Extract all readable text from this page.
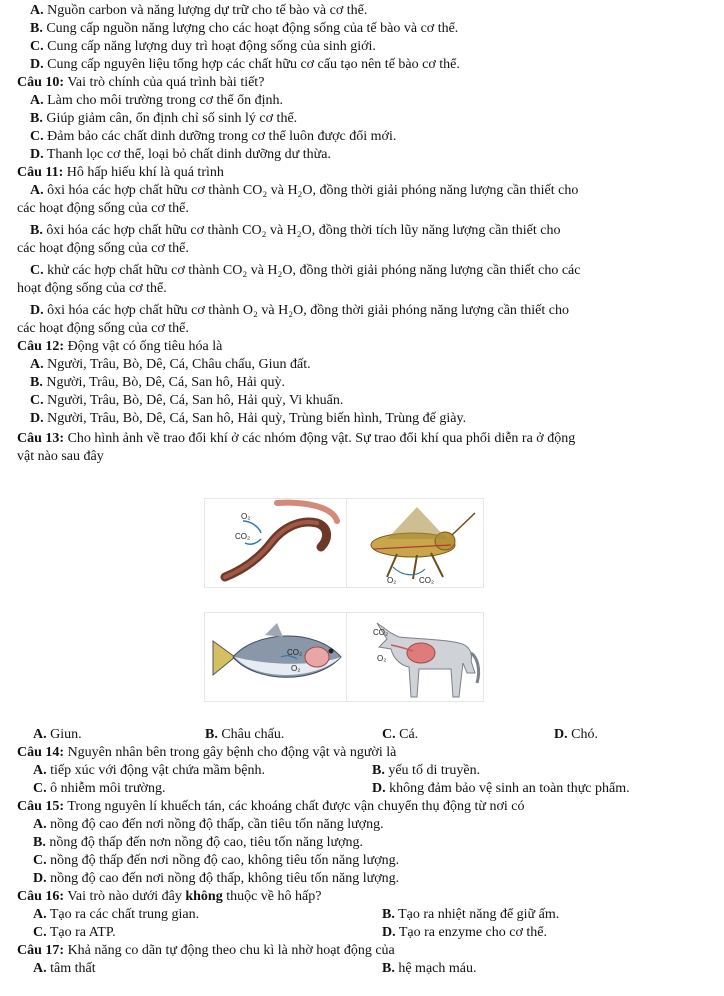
A. Nguồn carbon và năng lượng dự trữ cho tế bào và cơ thể.
B. Cung cấp nguồn năng lượng cho các hoạt động sống của tế bào và cơ thể.
C. Cung cấp năng lượng duy trì hoạt động sống của sinh giới.
D. Cung cấp nguyên liệu tổng hợp các chất hữu cơ cấu tạo nên tế bào cơ thể.
Câu 10: Vai trò chính của quá trình bài tiết?
A. Làm cho môi trường trong cơ thể ổn định.
B. Giúp giảm cân, ổn định chỉ số sinh lý cơ thể.
C. Đảm bảo các chất dinh dưỡng trong cơ thể luôn được đổi mới.
D. Thanh lọc cơ thể, loại bỏ chất dinh dưỡng dư thừa.
Câu 11: Hô hấp hiếu khí là quá trình
A. ôxi hóa các hợp chất hữu cơ thành CO₂ và H₂O, đồng thời giải phóng năng lượng cần thiết cho
các hoạt động sống của cơ thể.
B. ôxi hóa các hợp chất hữu cơ thành CO₂ và H₂O, đồng thời tích lũy năng lượng cần thiết cho
các hoạt động sống của cơ thể.
C. khử các hợp chất hữu cơ thành CO₂ và H₂O, đồng thời giải phóng năng lượng cần thiết cho các
hoạt động sống của cơ thể.
D. ôxi hóa các hợp chất hữu cơ thành O₂ và H₂O, đồng thời giải phóng năng lượng cần thiết cho
các hoạt động sống của cơ thể.
Câu 12: Động vật có ống tiêu hóa là
A. Người, Trâu, Bò, Dê, Cá, Châu chấu, Giun đất.
B. Người, Trâu, Bò, Dê, Cá, San hô, Hải quỳ.
C. Người, Trâu, Bò, Dê, Cá, San hô, Hải quỳ, Vi khuẩn.
D. Người, Trâu, Bò, Dê, Cá, San hô, Hải quỳ, Trùng biến hình, Trùng đế giày.
Câu 13: Cho hình ảnh về trao đổi khí ở các nhóm động vật. Sự trao đổi khí qua phổi diễn ra ở động
vật nào sau đây
O₂
CO₂
O₂	CO₂
CO₂
O₂
CO₂
O₂
A. Giun.	B. Châu chấu.	C. Cá.	D. Chó.
Câu 14: Nguyên nhân bên trong gây bệnh cho động vật và người là
A. tiếp xúc với động vật chứa mầm bệnh.	B. yếu tố di truyền.
C. ô nhiễm môi trường.	D. không đảm bảo vệ sinh an toàn thực phẩm.
Câu 15: Trong nguyên lí khuếch tán, các khoáng chất được vận chuyển thụ động từ nơi có
A. nồng độ cao đến nơi nồng độ thấp, cần tiêu tốn năng lượng.
B. nồng độ thấp đến nơn nồng độ cao, tiêu tốn năng lượng.
C. nồng độ thấp đến nơi nồng độ cao, không tiêu tốn năng lượng.
D. nồng độ cao đến nơi nồng độ thấp, không tiêu tốn năng lượng.
Câu 16: Vai trò nào dưới đây không thuộc về hô hấp?
A. Tạo ra các chất trung gian.	B. Tạo ra nhiệt năng để giữ ấm.
C. Tạo ra ATP.	D. Tạo ra enzyme cho cơ thể.
Câu 17: Khả năng co dãn tự động theo chu kì là nhờ hoạt động của
A. tâm thất	B. hệ mạch máu.
